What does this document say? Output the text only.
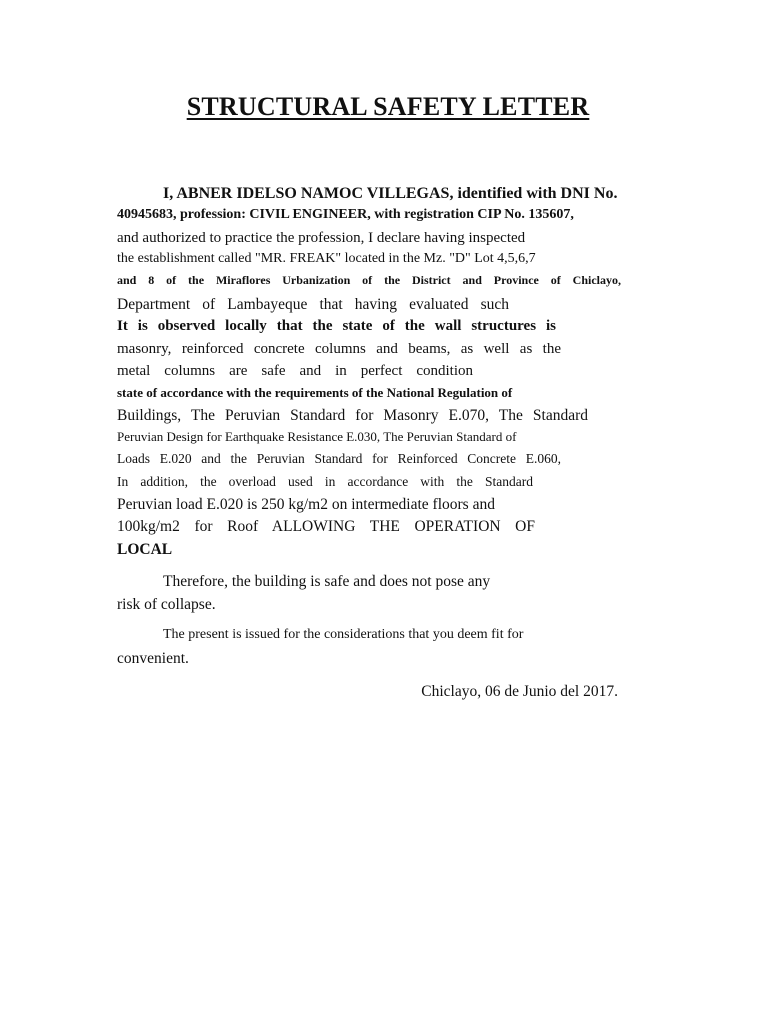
STRUCTURAL SAFETY LETTER
I, ABNER IDELSO NAMOC VILLEGAS, identified with DNI No.
40945683, profession: CIVIL ENGINEER, with registration CIP No. 135607,
and authorized to practice the profession, I declare having inspected
the establishment called "MR. FREAK" located in the Mz. "D" Lot 4,5,6,7
and 8 of the Miraflores Urbanization of the District and Province of Chiclayo,
Department of Lambayeque that having evaluated such
It is observed locally that the state of the wall structures is
masonry, reinforced concrete columns and beams, as well as the
metal columns are safe and in perfect condition
state of accordance with the requirements of the National Regulation of
Buildings, The Peruvian Standard for Masonry E.070, The Standard
Peruvian Design for Earthquake Resistance E.030, The Peruvian Standard of
Loads E.020 and the Peruvian Standard for Reinforced Concrete E.060,
In addition, the overload used in accordance with the Standard
Peruvian load E.020 is 250 kg/m2 on intermediate floors and
100kg/m2 for Roof ALLOWING THE OPERATION OF
LOCAL
Therefore, the building is safe and does not pose any
risk of collapse.
The present is issued for the considerations that you deem fit for
convenient.
Chiclayo, 06 de Junio del 2017.
